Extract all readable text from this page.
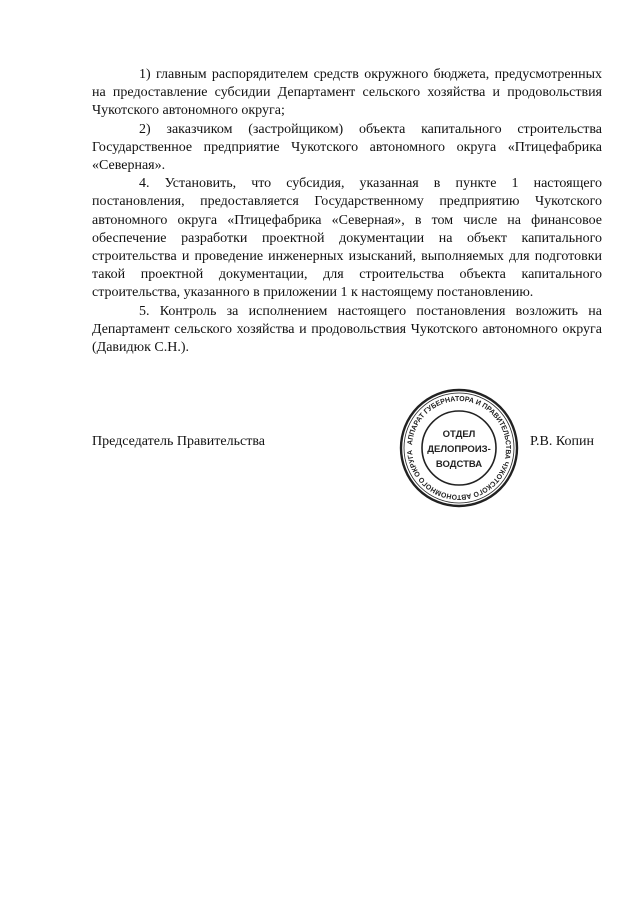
1) главным распорядителем средств окружного бюджета, предусмотренных на предоставление субсидии Департамент сельского хозяйства и продовольствия Чукотского автономного округа;

2) заказчиком (застройщиком) объекта капитального строительства Государственное предприятие Чукотского автономного округа «Птицефабрика «Северная».

4. Установить, что субсидия, указанная в пункте 1 настоящего постановления, предоставляется Государственному предприятию Чукотского автономного округа «Птицефабрика «Северная», в том числе на финансовое обеспечение разработки проектной документации на объект капитального строительства и проведение инженерных изысканий, выполняемых для подготовки такой проектной документации, для строительства объекта капитального строительства, указанного в приложении 1 к настоящему постановлению.

5. Контроль за исполнением настоящего постановления возложить на Департамент сельского хозяйства и продовольствия Чукотского автономного округа (Давидюк С.Н.).

Председатель Правительства	АППАРАТ ГУБЕРНАТОРА И ПРАВИТЕЛЬСТВА ЧУКОТСКОГО АВТОНОМНОГО ОКРУГА
ОТДЕЛ
ДЕЛОПРОИЗ-
ВОДСТВА
Р.В. Копин
